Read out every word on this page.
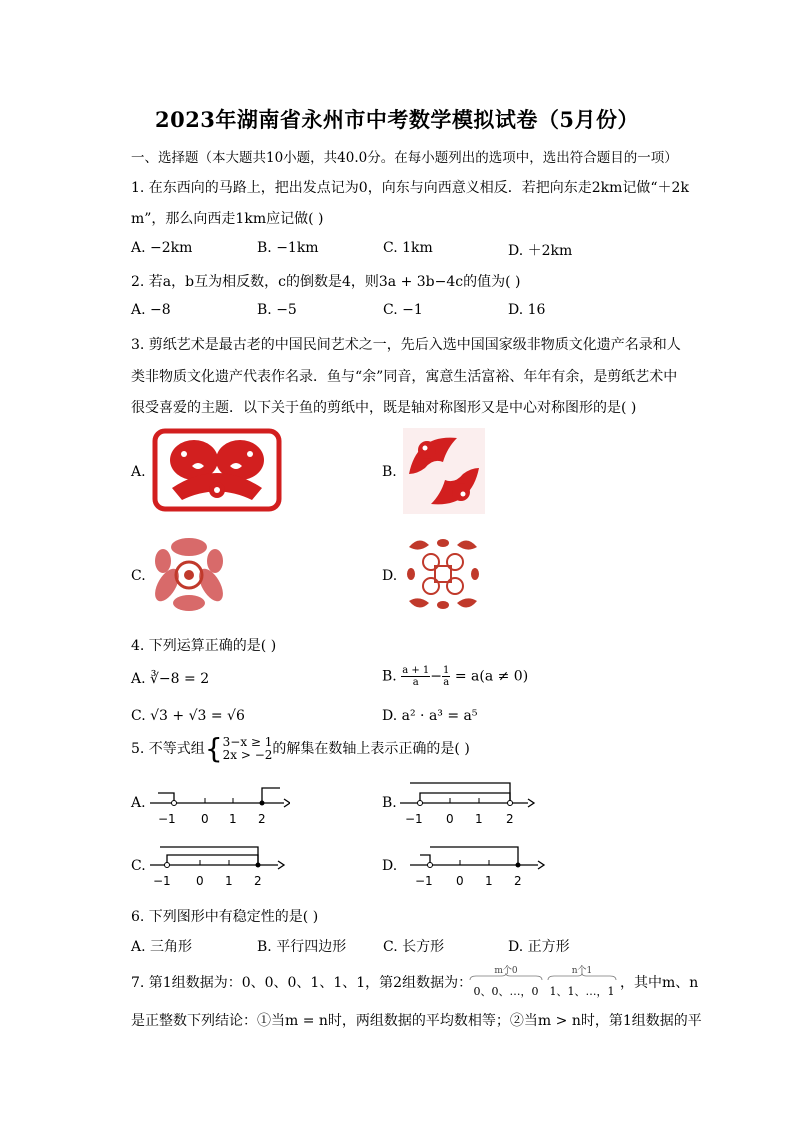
2023年湖南省永州市中考数学模拟试卷（5月份）
一、选择题（本大题共10小题，共40.0分。在每小题列出的选项中，选出符合题目的一项）
1. 在东西向的马路上，把出发点记为0，向东与向西意义相反．若把向东走2km记做“＋2k
m”，那么向西走1km应记做( )
A. −2km	B. −1km	C. 1km	D. ＋2km
2. 若a，b互为相反数，c的倒数是4，则3a + 3b−4c的值为( )
A. −8	B. −5	C. −1	D. 16
3. 剪纸艺术是最古老的中国民间艺术之一，先后入选中国国家级非物质文化遗产名录和人
类非物质文化遗产代表作名录．鱼与“余”同音，寓意生活富裕、年年有余，是剪纸艺术中
很受喜爱的主题．以下关于鱼的剪纸中，既是轴对称图形又是中心对称图形的是( )
A.	B.
C.	D.
4. 下列运算正确的是( )
A. ∛−8 = 2	B. $\frac{a + 1}{a} - \frac{1}{a} = a(a \ne 0)$
C. √3 + √3 = √6	D. a² · a³ = a⁵
5. 不等式组{ 3−x ≥ 1
2x > −2 的解集在数轴上表示正确的是( )
A.
−1 0 1 2
B.
−1 0 1 2
C.
−1 0 1 2
D.
−1 0 1 2
6. 下列图形中有稳定性的是( )
A. 三角形	B. 平行四边形	C. 长方形	D. 正方形
7. 第1组数据为：0、0、0、1、1、1，第2组数据为：
m个0
0、0、…，0
n个1
1、1、…，1
，其中m、n
是正整数下列结论：①当m = n时，两组数据的平均数相等；②当m > n时，第1组数据的平
